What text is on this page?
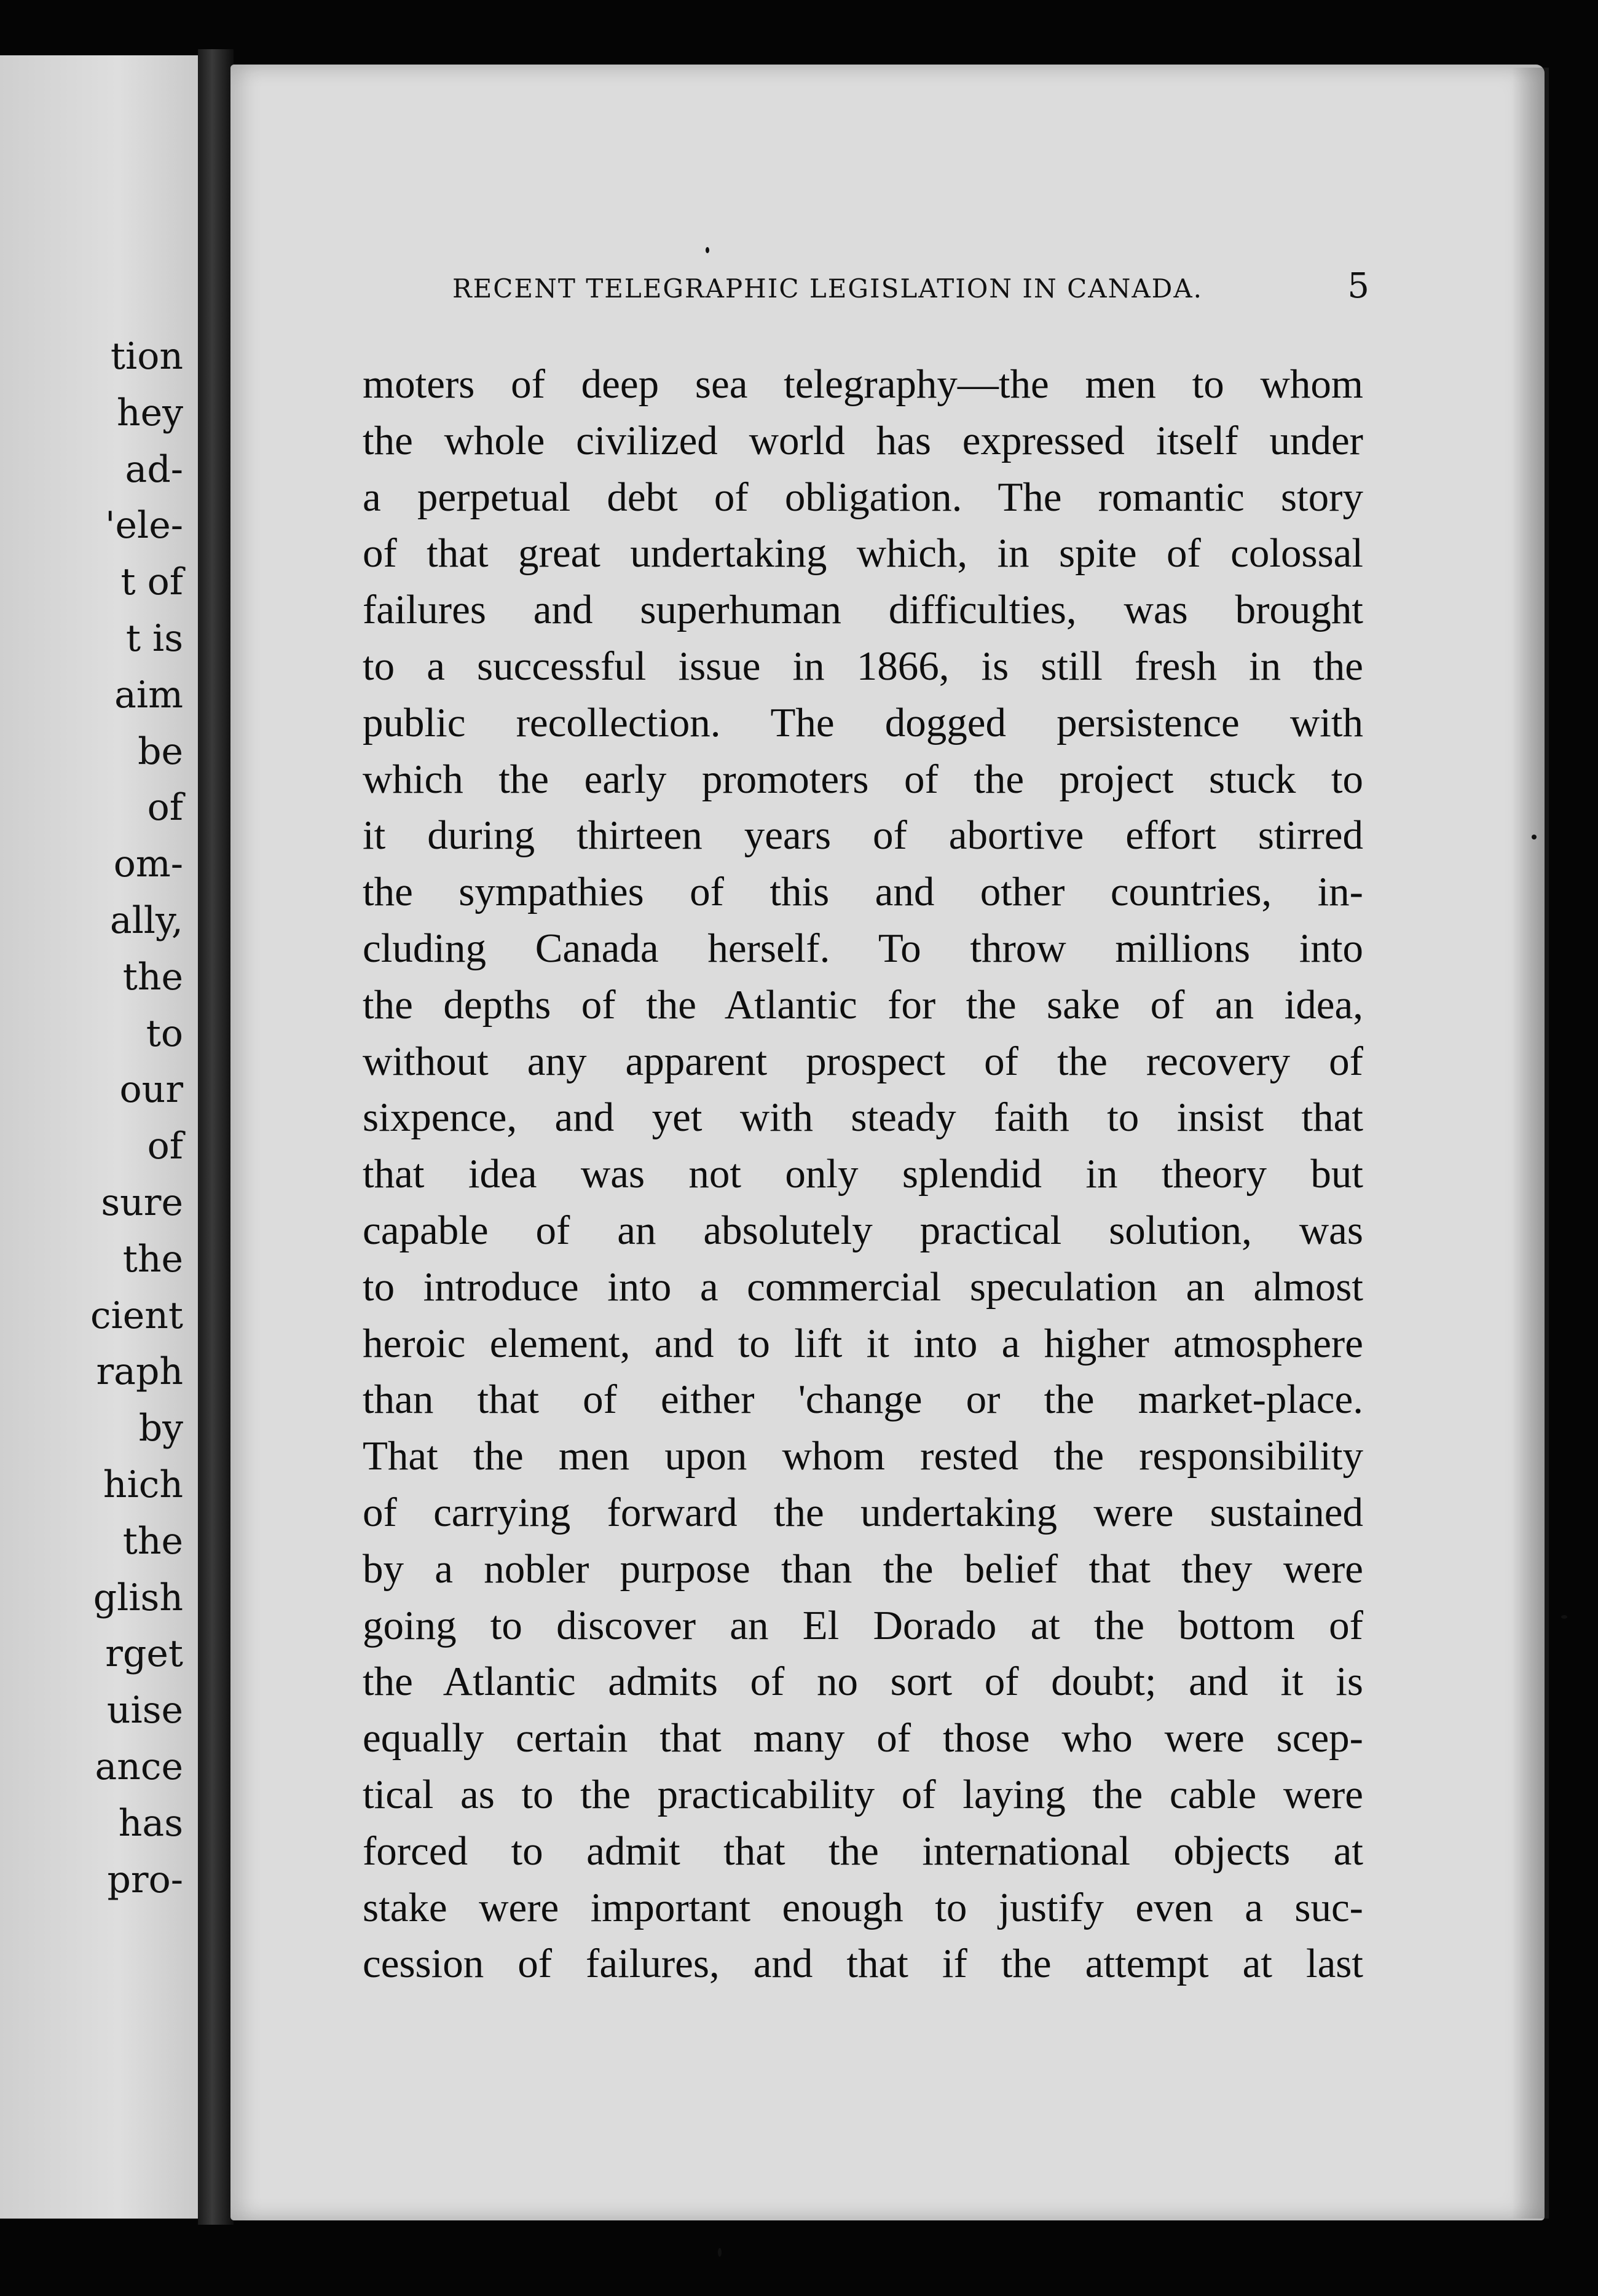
tion
hey
ad-
'ele-
t of
t is
aim
be
of
om-
ally,
the
to
our
of
sure
the
cient
raph
by
hich
the
glish
rget
uise
ance
has
pro-
RECENT TELEGRAPHIC LEGISLATION IN CANADA.	5
moters of deep sea telegraphy—the men to whom
the whole civilized world has expressed itself under
a perpetual debt of obligation. The romantic story
of that great undertaking which, in spite of colossal
failures and superhuman difficulties, was brought
to a successful issue in 1866, is still fresh in the
public recollection. The dogged persistence with
which the early promoters of the project stuck to
it during thirteen years of abortive effort stirred
the sympathies of this and other countries, in-
cluding Canada herself. To throw millions into
the depths of the Atlantic for the sake of an idea,
without any apparent prospect of the recovery of
sixpence, and yet with steady faith to insist that
that idea was not only splendid in theory but
capable of an absolutely practical solution, was
to introduce into a commercial speculation an almost
heroic element, and to lift it into a higher atmosphere
than that of either 'change or the market-place.
That the men upon whom rested the responsibility
of carrying forward the undertaking were sustained
by a nobler purpose than the belief that they were
going to discover an El Dorado at the bottom of
the Atlantic admits of no sort of doubt; and it is
equally certain that many of those who were scep-
tical as to the practicability of laying the cable were
forced to admit that the international objects at
stake were important enough to justify even a suc-
cession of failures, and that if the attempt at last
